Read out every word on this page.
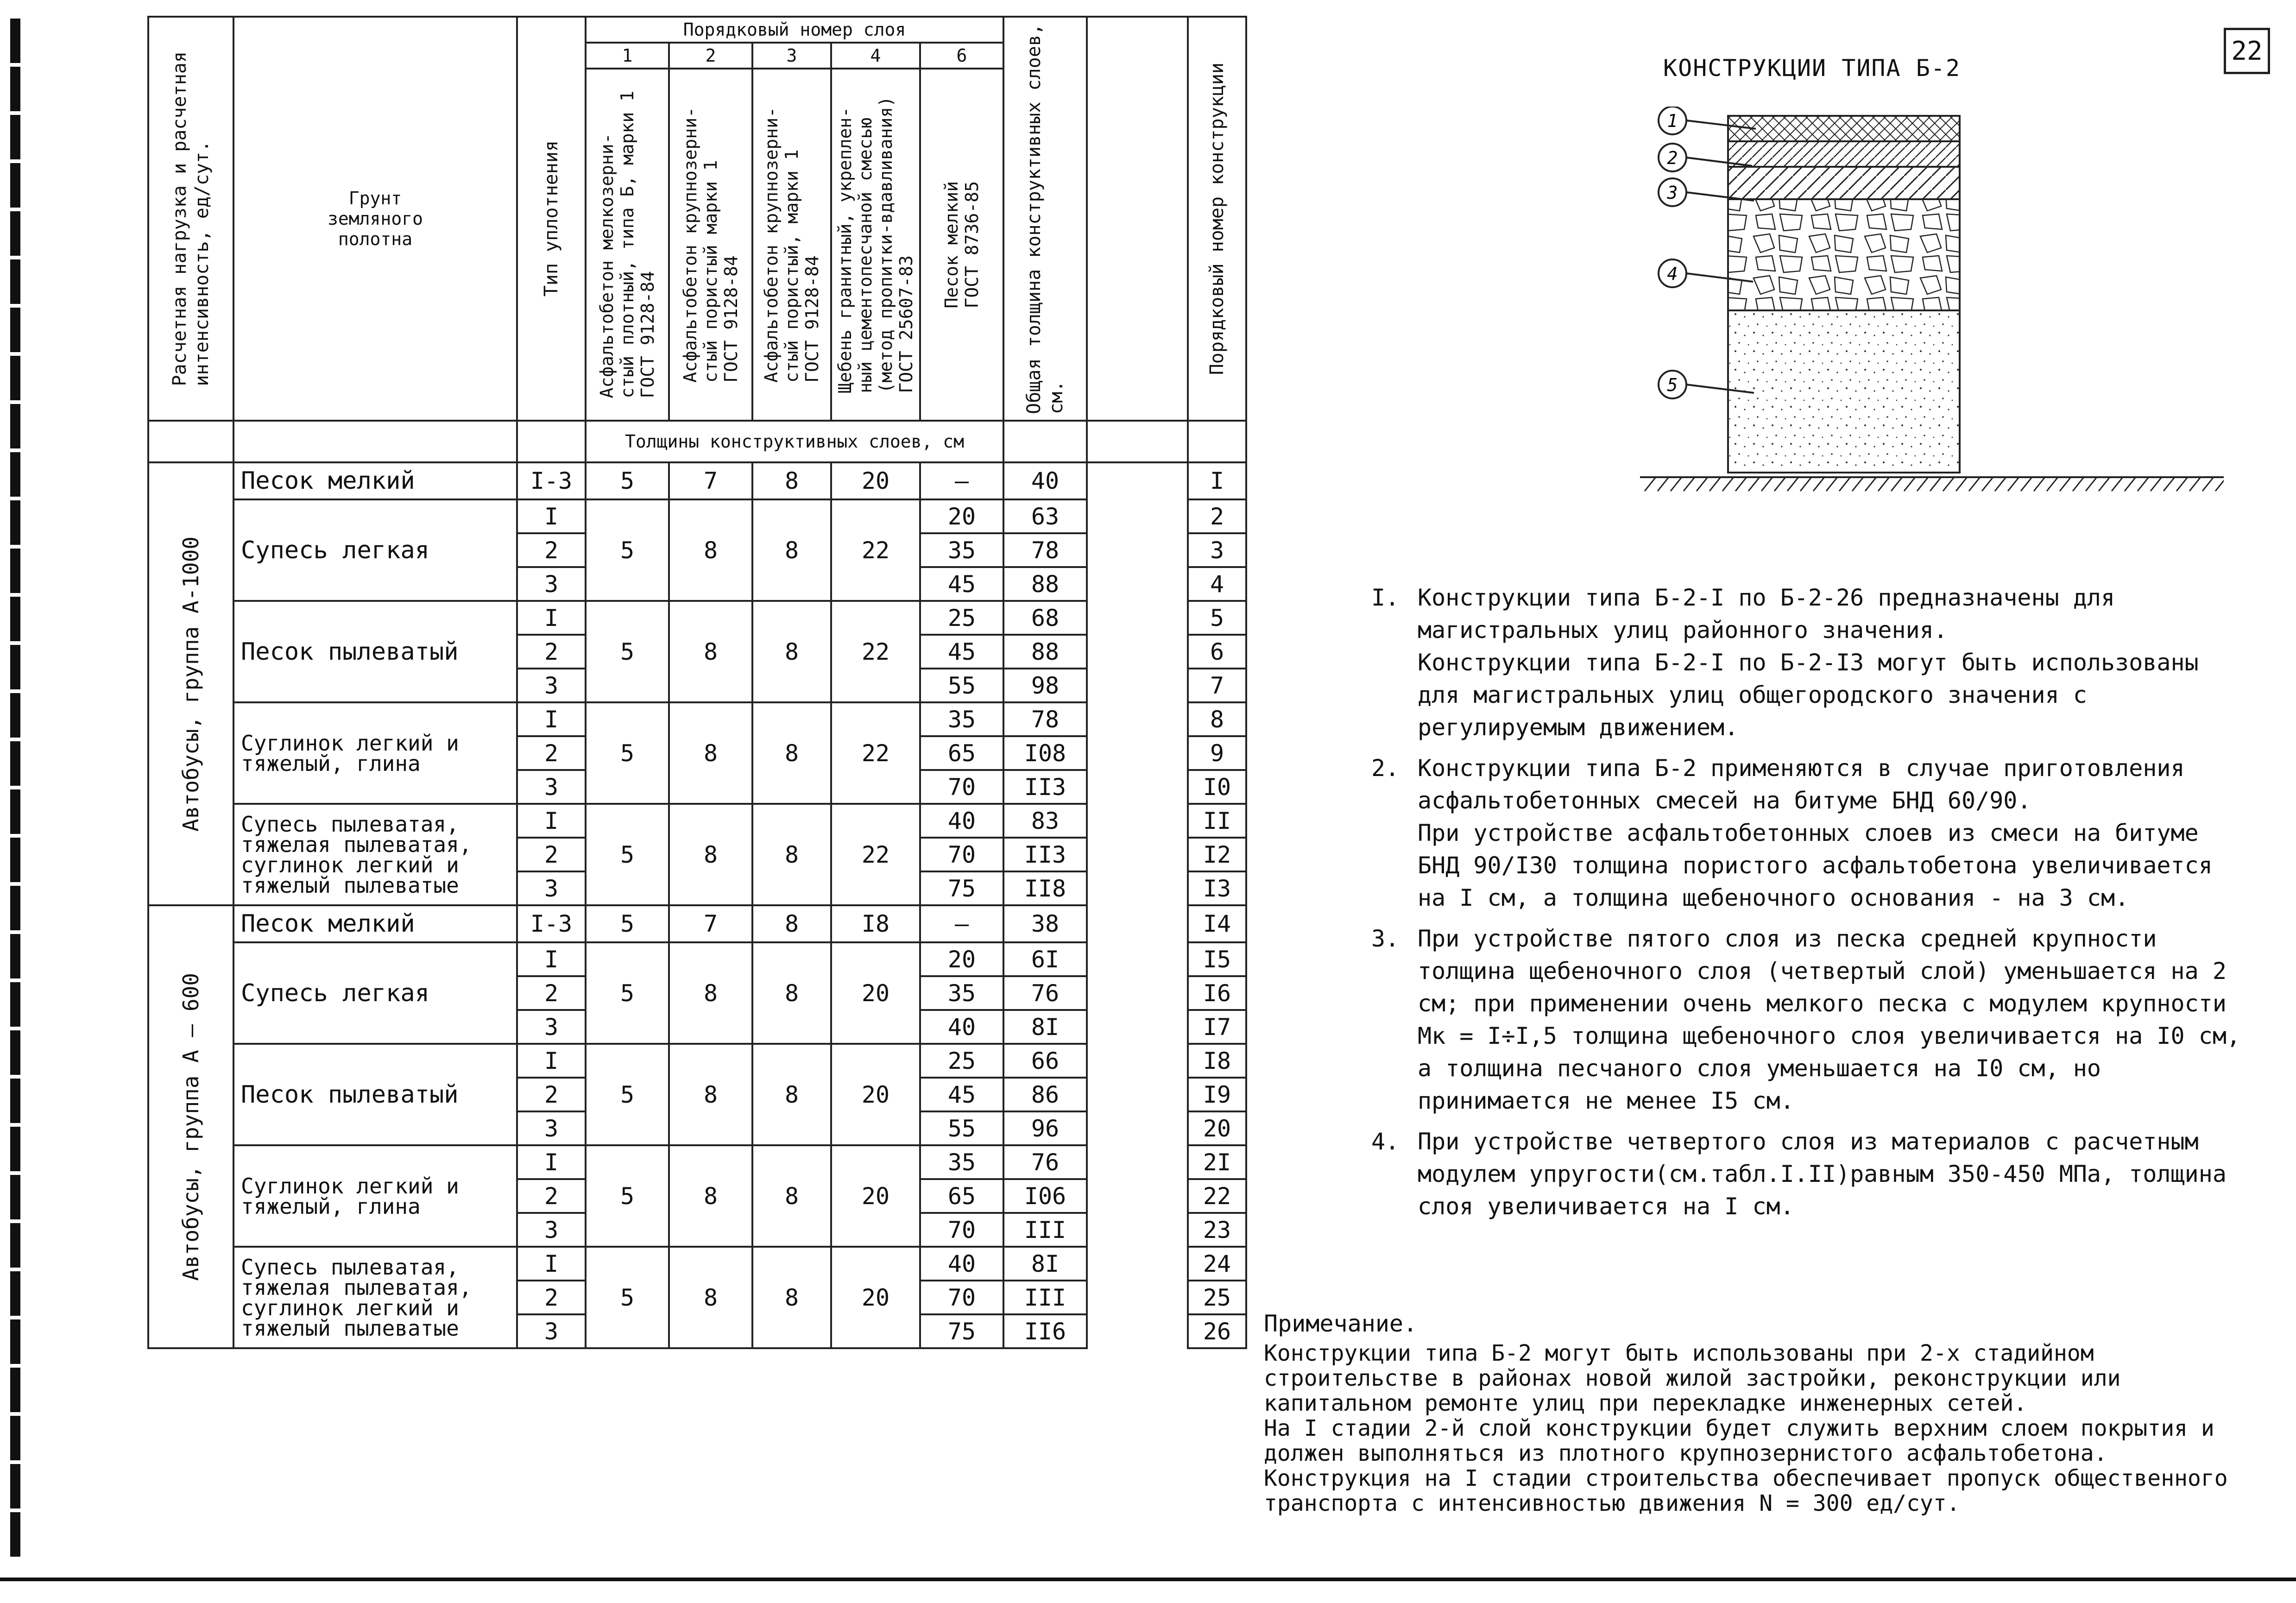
Расчетная нагрузка и расчетная
интенсивность, ед/сут.	Грунт земляного полотна	Тип уплотнения	Порядковый номер слоя					Общая толщина конструктивных слоев,
см.		Порядковый номер конструкции

			1	2	3	4	6			

			Асфальтобетон мелкозерни-
стый плотный, типа Б, марки 1
ГОСТ 9128-84	Асфальтобетон крупнозерни-
стый пористый марки 1
ГОСТ 9128-84	Асфальтобетон крупнозерни-
стый пористый, марки 1
ГОСТ 9128-84	Щебень гранитный, укреплен-
ный цементопесчаной смесью
(метод пропитки-вдавливания)
ГОСТ 25607-83	Песок мелкий
ГОСТ 8736-85			

			Толщины конструктивных слоев, см							

Автобусы, группа А-1000	Песок мелкий	I-3	5	7	8	20	–	40		I
	Супесь легкая	I	5	8	8	22	20	63		2
		2					35	78		3
		3					45	88		4
	Песок пылеватый	I	5	8	8	22	25	68		5
		2					45	88		6
		3					55	98		7
	Суглинок легкий и
тяжелый, глина	I	5	8	8	22	35	78		8
		2					65	I08		9
		3					70	II3		I0
	Супесь пылеватая,
тяжелая пылеватая,
суглинок легкий и
тяжелый пылеватые	I	5	8	8	22	40	83		II
		2					70	II3		I2
		3					75	II8		I3

Автобусы, группа А — 600	Песок мелкий	I-3	5	7	8	I8	—	38		I4
	Супесь легкая	I	5	8	8	20	20	6I		I5
		2					35	76		I6
		3					40	8I		I7
	Песок пылеватый	I	5	8	8	20	25	66		I8
		2					45	86		I9
		3					55	96		20
	Суглинок легкий и
тяжелый, глина	I	5	8	8	20	35	76		2I
		2					65	I06		22
		3					70	III		23
	Супесь пылеватая,
тяжелая пылеватая,
суглинок легкий и
тяжелый пылеватые	I	5	8	8	20	40	8I		24
		2					70	III		25
		3					75	II6		26
22
КОНСТРУКЦИИ ТИПА Б-2
1
2
3
4
5
I. Конструкции типа Б-2-I по Б-2-26 предназначены для магистральных улиц районного значения.
Конструкции типа Б-2-I по Б-2-I3 могут быть использованы для магистральных улиц общегородского значения с регулируемым движением.
2. Конструкции типа Б-2 применяются в случае приготовления асфальтобетонных смесей на битуме БНД 60/90.
При устройстве асфальтобетонных слоев из смеси на битуме БНД 90/I30 толщина пористого асфальтобетона увеличивается на I см, а толщина щебеночного основания - на 3 см.
3. При устройстве пятого слоя из песка средней крупности толщина щебеночного слоя (четвертый слой) уменьшается на 2 см; при применении очень мелкого песка с модулем крупности Мк = I÷I,5 толщина щебеночного слоя увеличивается на I0 см, а толщина песчаного слоя уменьшается на I0 см, но принимается не менее I5 см.
4. При устройстве четвертого слоя из материалов с расчетным модулем упругости(см.табл.I.II)равным 350-450 МПа, толщина слоя увеличивается на I см.
Примечание.
Конструкции типа Б-2 могут быть использованы при 2-х стадийном строительстве в районах новой жилой застройки, реконструкции или капитальном ремонте улиц при перекладке инженерных сетей.
На I стадии 2-й слой конструкции будет служить верхним слоем покрытия и должен выполняться из плотного крупнозернистого асфальтобетона.
Конструкция на I стадии строительства обеспечивает пропуск общественного транспорта с интенсивностью движения N = 300 ед/сут.
